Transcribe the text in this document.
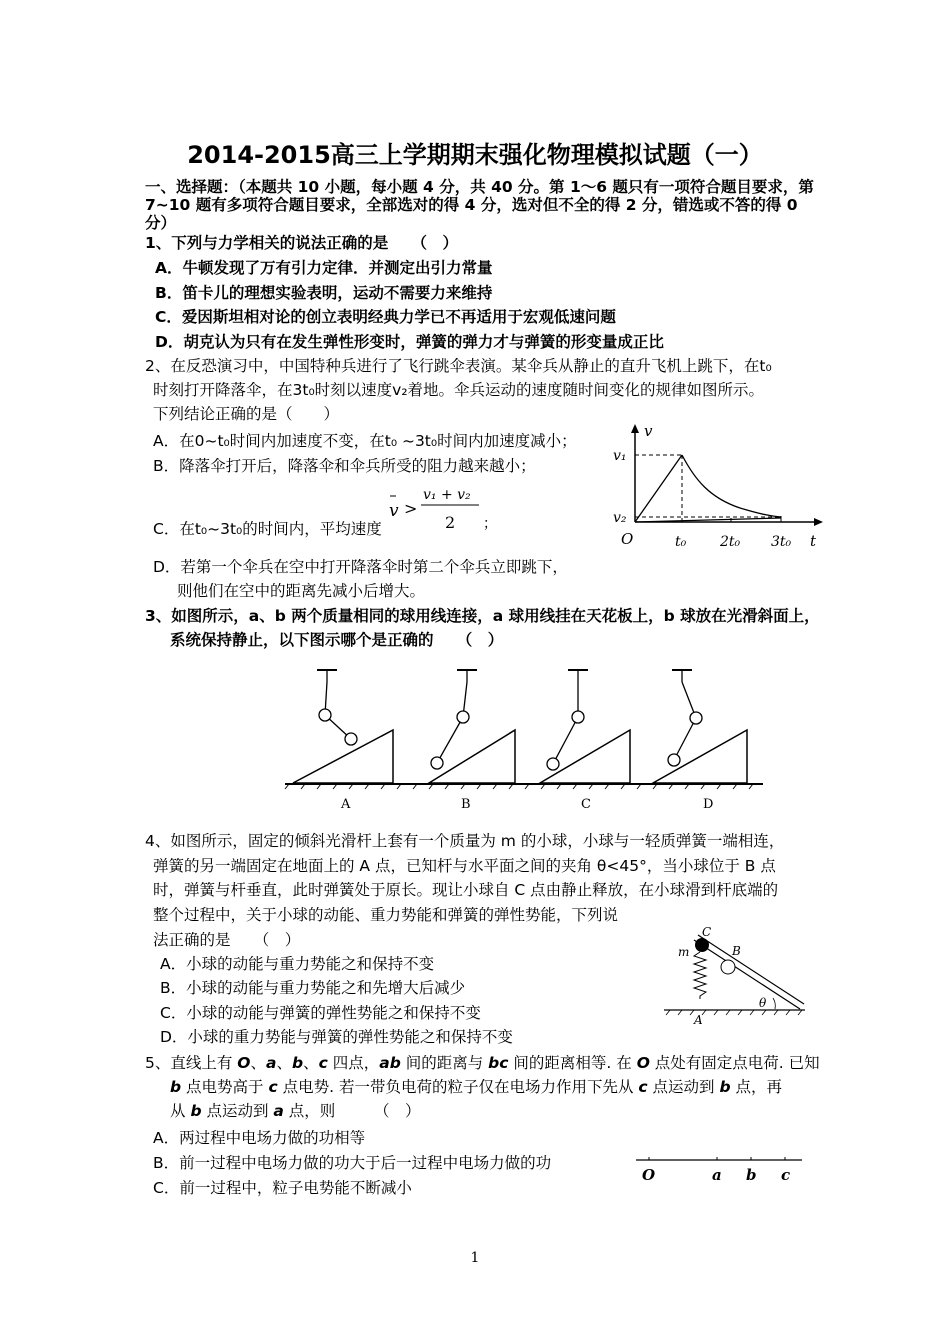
2014-2015高三上学期期末强化物理模拟试题（一）
一、选择题：（本题共 10 小题，每小题 4 分，共 40 分。第 1～6 题只有一项符合题目要求，第
7~10 题有多项符合题目要求，全部选对的得 4 分，选对但不全的得 2 分，错选或不答的得 0
分）
1、下列与力学相关的说法正确的是　　（　）
A．牛顿发现了万有引力定律．并测定出引力常量
B．笛卡儿的理想实验表明，运动不需要力来维持
C．爱因斯坦相对论的创立表明经典力学已不再适用于宏观低速问题
D．胡克认为只有在发生弹性形变时，弹簧的弹力才与弹簧的形变量成正比
2、在反恐演习中，中国特种兵进行了飞行跳伞表演。某伞兵从静止的直升飞机上跳下，在t₀
时刻打开降落伞，在3t₀时刻以速度v₂着地。伞兵运动的速度随时间变化的规律如图所示。
下列结论正确的是（　　）
A．在0~t₀时间内加速度不变，在t₀ ~3t₀时间内加速度减小；
B．降落伞打开后，降落伞和伞兵所受的阻力越来越小；
C．在t₀~3t₀的时间内，平均速度
v >
v₁ + v₂
2 ；
D．若第一个伞兵在空中打开降落伞时第二个伞兵立即跳下，
则他们在空中的距离先减小后增大。
v
t
v₁
v₂
O	t₀ 2t₀ 3t₀
3、如图所示，a、b 两个质量相同的球用线连接，a 球用线挂在天花板上，b 球放在光滑斜面上，
系统保持静止，以下图示哪个是正确的　　（　）
A	B	C	D
4、如图所示，固定的倾斜光滑杆上套有一个质量为 m 的小球，小球与一轻质弹簧一端相连，
弹簧的另一端固定在地面上的 A 点，已知杆与水平面之间的夹角 θ<45°，当小球位于 B 点
时，弹簧与杆垂直，此时弹簧处于原长。现让小球自 C 点由静止释放，在小球滑到杆底端的
整个过程中，关于小球的动能、重力势能和弹簧的弹性势能，下列说
法正确的是　　（　）
A．小球的动能与重力势能之和保持不变
B．小球的动能与重力势能之和先增大后减少
C．小球的动能与弹簧的弹性势能之和保持不变
D．小球的重力势能与弹簧的弹性势能之和保持不变
C
B
m
θ
A
5、直线上有 O、a、b、c 四点，ab 间的距离与 bc 间的距离相等. 在 O 点处有固定点电荷. 已知
b 点电势高于 c 点电势. 若一带负电荷的粒子仅在电场力作用下先从 c 点运动到 b 点，再
从 b 点运动到 a 点，则　　　（　）
A．两过程中电场力做的功相等
B．前一过程中电场力做的功大于后一过程中电场力做的功
C．前一过程中，粒子电势能不断减小
O	a b c
1
